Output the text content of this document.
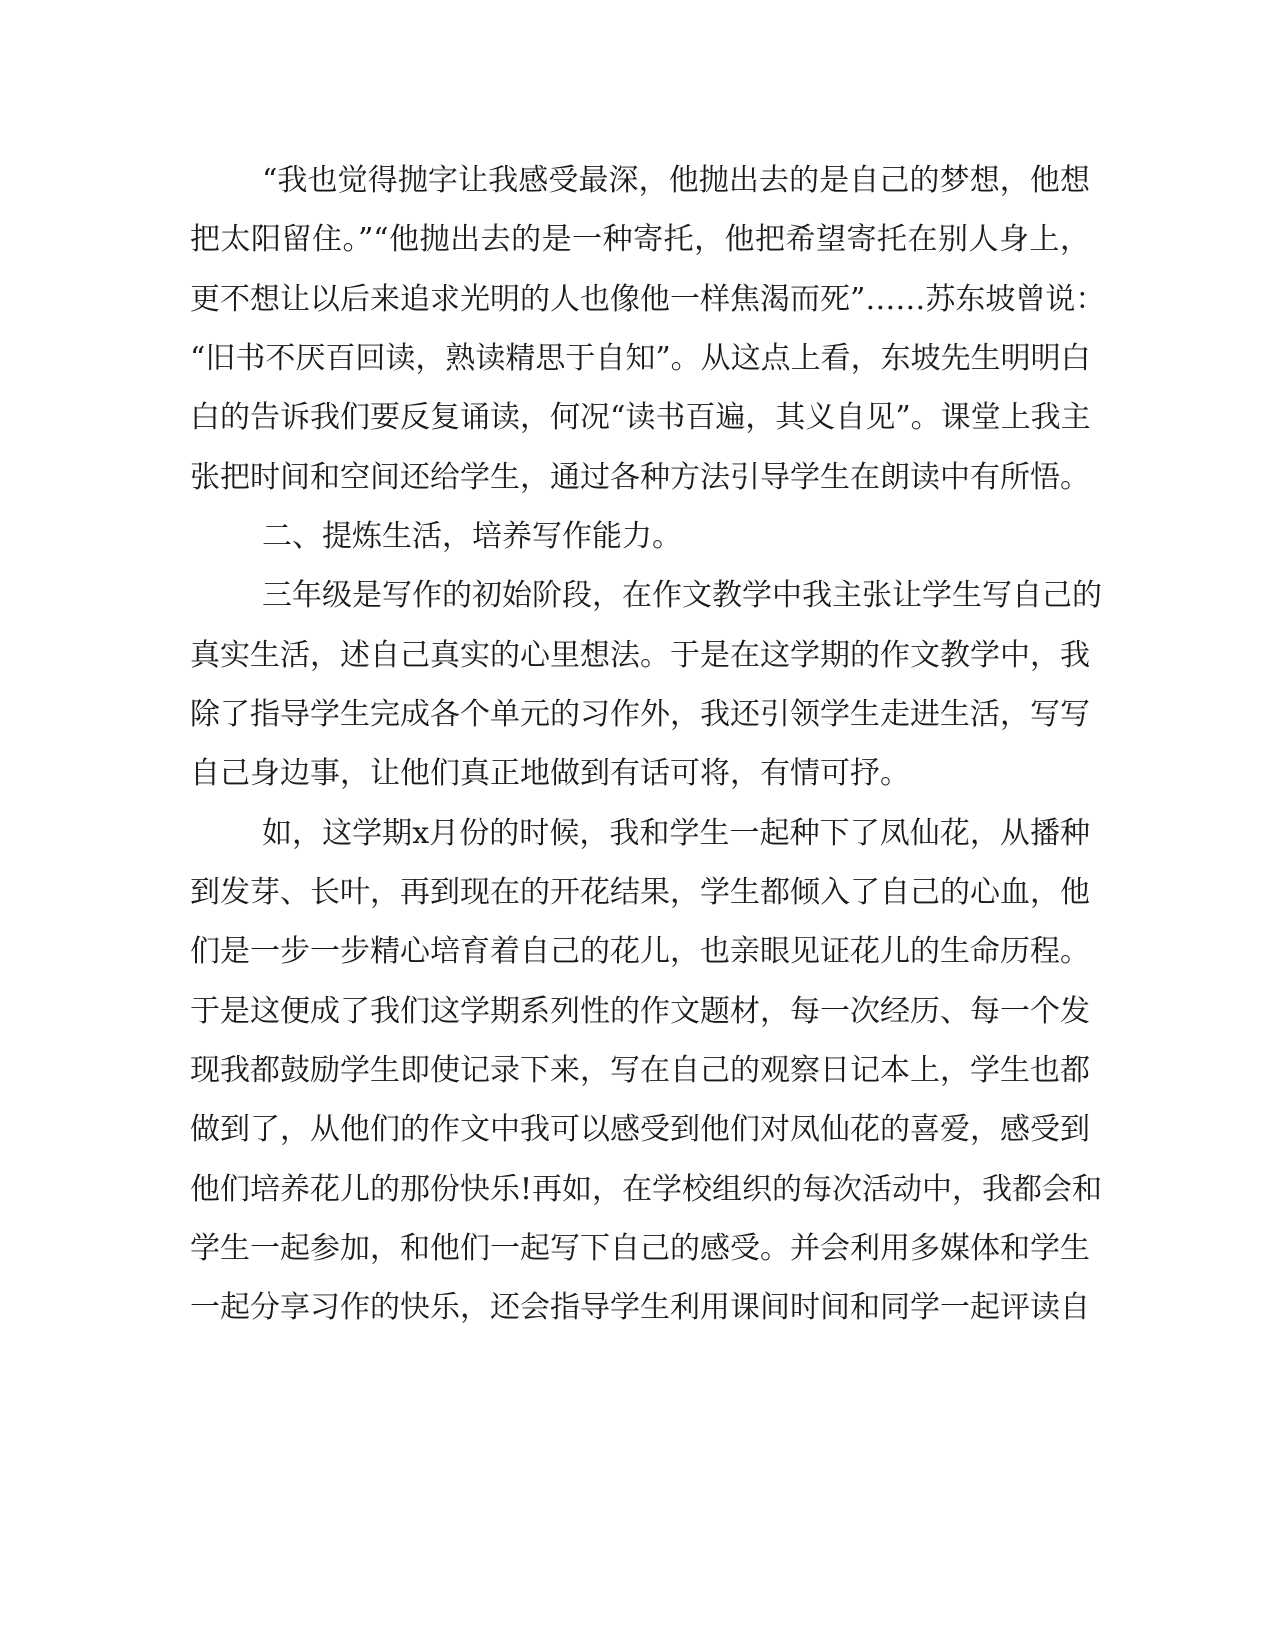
“我也觉得抛字让我感受最深，他抛出去的是自己的梦想，他想
把太阳留住。”“他抛出去的是一种寄托，他把希望寄托在别人身上，
更不想让以后来追求光明的人也像他一样焦渴而死”……苏东坡曾说：
“旧书不厌百回读，熟读精思于自知”。从这点上看，东坡先生明明白
白的告诉我们要反复诵读，何况“读书百遍，其义自见”。课堂上我主
张把时间和空间还给学生，通过各种方法引导学生在朗读中有所悟。
二、提炼生活，培养写作能力。
三年级是写作的初始阶段，在作文教学中我主张让学生写自己的
真实生活，述自己真实的心里想法。于是在这学期的作文教学中，我
除了指导学生完成各个单元的习作外，我还引领学生走进生活，写写
自己身边事，让他们真正地做到有话可将，有情可抒。
如，这学期x月份的时候，我和学生一起种下了凤仙花，从播种
到发芽、长叶，再到现在的开花结果，学生都倾入了自己的心血，他
们是一步一步精心培育着自己的花儿，也亲眼见证花儿的生命历程。
于是这便成了我们这学期系列性的作文题材，每一次经历、每一个发
现我都鼓励学生即使记录下来，写在自己的观察日记本上，学生也都
做到了，从他们的作文中我可以感受到他们对凤仙花的喜爱，感受到
他们培养花儿的那份快乐!再如，在学校组织的每次活动中，我都会和
学生一起参加，和他们一起写下自己的感受。并会利用多媒体和学生
一起分享习作的快乐，还会指导学生利用课间时间和同学一起评读自
